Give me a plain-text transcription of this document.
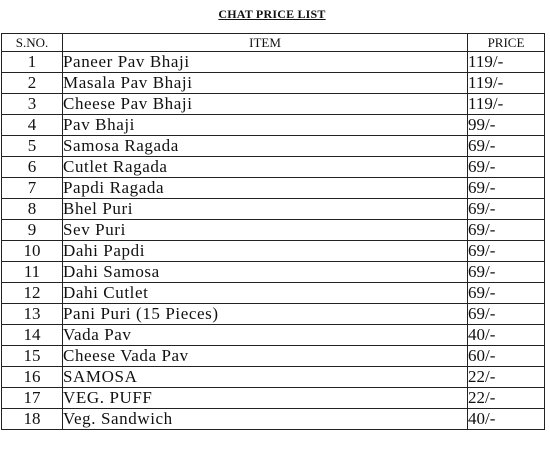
CHAT PRICE LIST
S.NO.	ITEM	PRICE
1	Paneer Pav Bhaji	119/-
2	Masala Pav Bhaji	119/-
3	Cheese Pav Bhaji	119/-
4	Pav Bhaji	99/-
5	Samosa Ragada	69/-
6	Cutlet Ragada	69/-
7	Papdi Ragada	69/-
8	Bhel Puri	69/-
9	Sev Puri	69/-
10	Dahi Papdi	69/-
11	Dahi Samosa	69/-
12	Dahi Cutlet	69/-
13	Pani Puri (15 Pieces)	69/-
14	Vada Pav	40/-
15	Cheese Vada Pav	60/-
16	SAMOSA	22/-
17	VEG. PUFF	22/-
18	Veg. Sandwich	40/-
